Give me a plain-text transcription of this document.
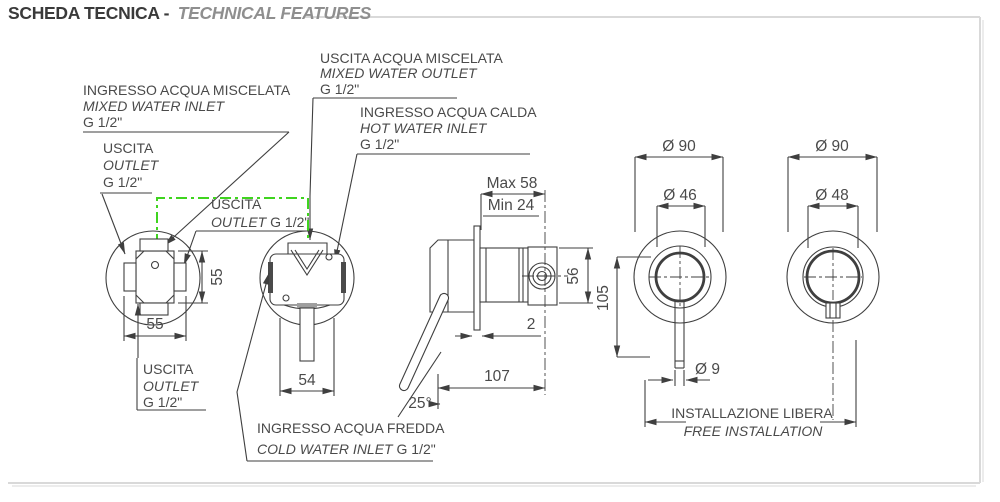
SCHEDA TECNICA - TECHNICAL FEATURES
INGRESSO ACQUA MISCELATA
MIXED WATER INLET
G 1/2"
USCITA
OUTLET
G 1/2"
USCITA
OUTLET G 1/2"
USCITA ACQUA MISCELATA
MIXED WATER OUTLET
G 1/2"
INGRESSO ACQUA CALDA
HOT WATER INLET
G 1/2"
55
55
USCITA
OUTLET
G 1/2"
54
INGRESSO ACQUA FREDDA
COLD WATER INLET G 1/2"
Max 58
Min 24
56
2
107
25°
Ø 90
Ø 46
105
Ø 9
Ø 90
Ø 48
INSTALLAZIONE LIBERA
FREE INSTALLATION
